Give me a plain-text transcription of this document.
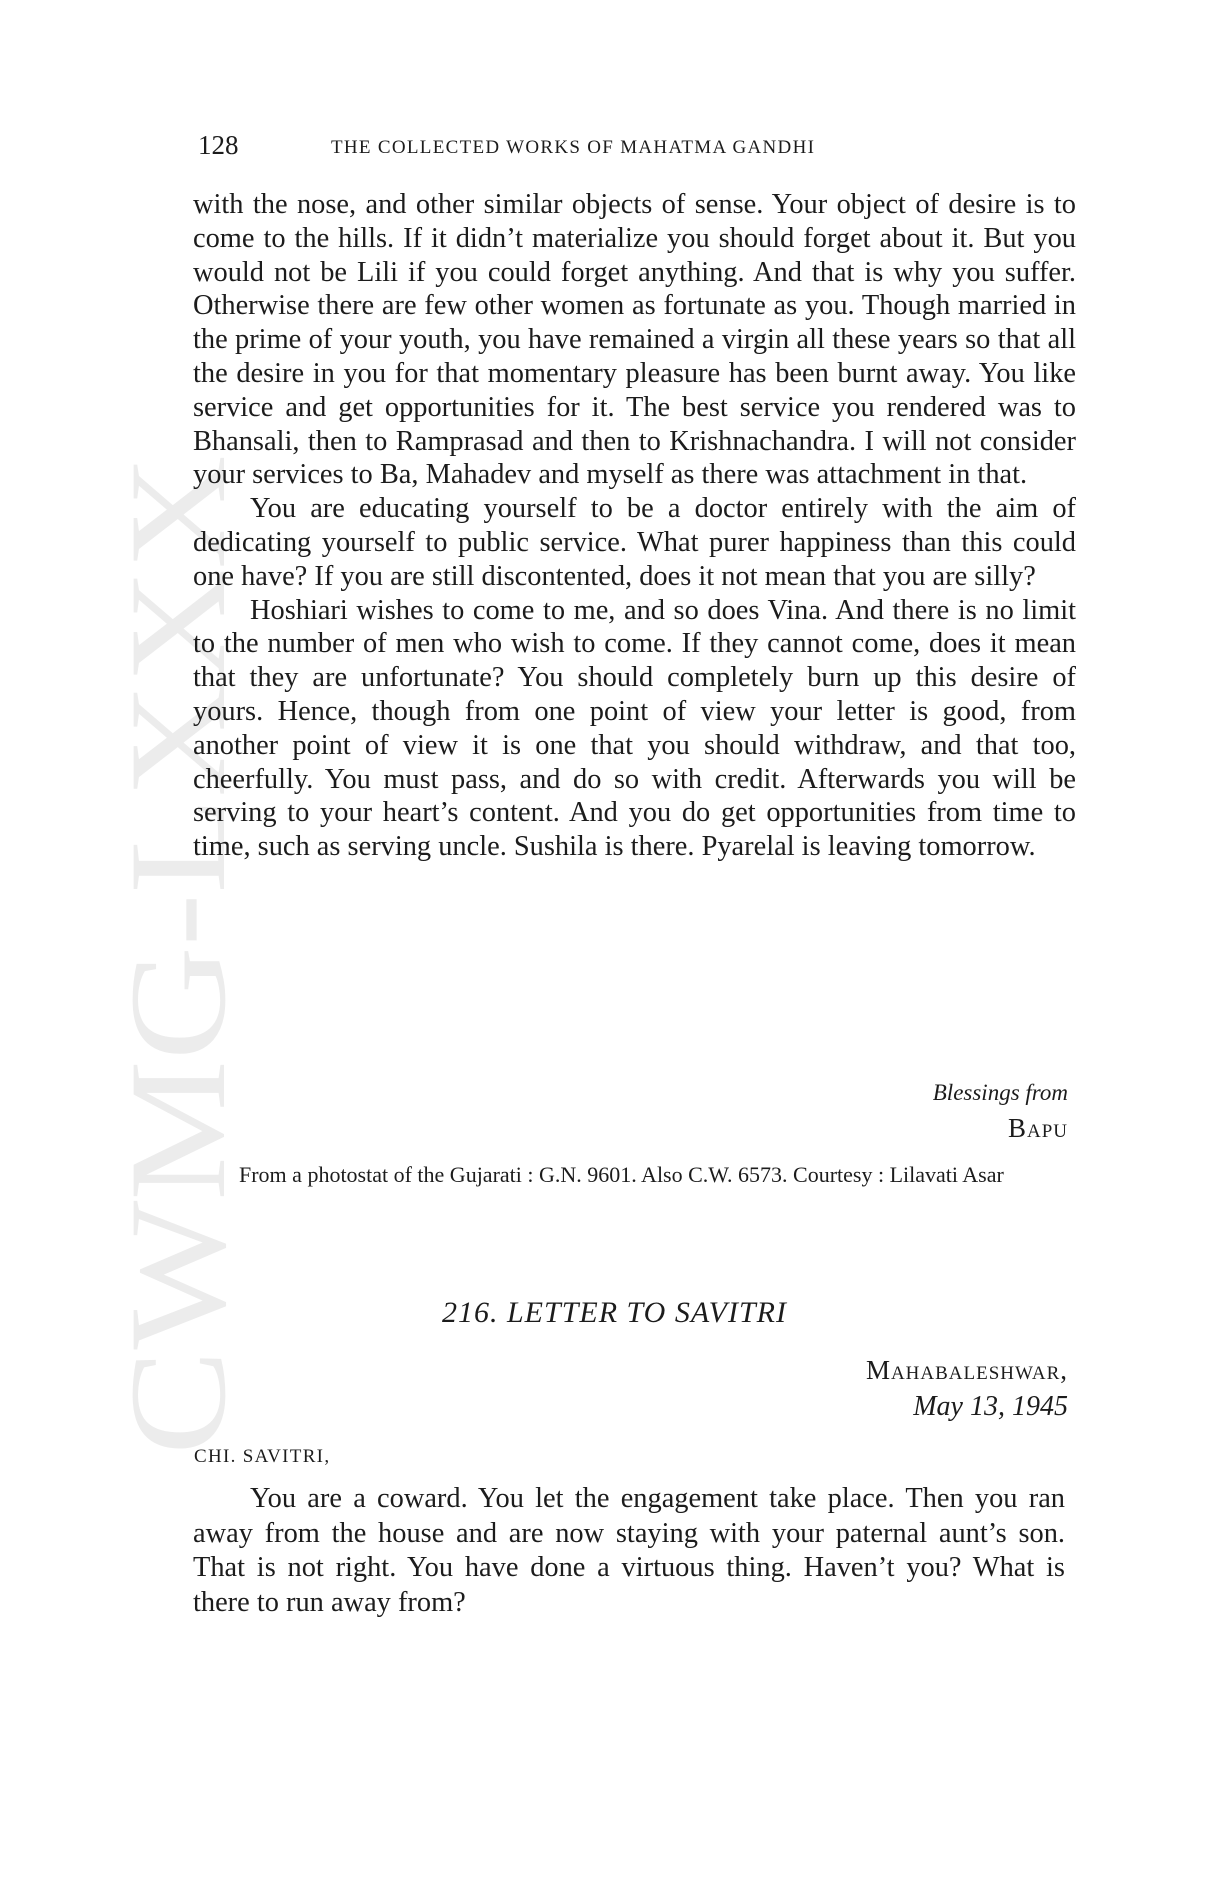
CWMG-LXXX
128	THE COLLECTED WORKS OF MAHATMA GANDHI

with the nose, and other similar objects of sense. Your object of desire is to come to the hills. If it didn’t materialize you should forget about it. But you would not be Lili if you could forget anything. And that is why you suffer. Otherwise there are few other women as fortunate as you. Though married in the prime of your youth, you have remained a virgin all these years so that all the desire in you for that momentary pleasure has been burnt away. You like service and get opportunities for it. The best service you rendered was to Bhansali, then to Ramprasad and then to Krishnachandra. I will not consider your services to Ba, Mahadev and myself as there was attachment in that.

You are educating yourself to be a doctor entirely with the aim of dedicating yourself to public service. What purer happiness than this could one have? If you are still discontented, does it not mean that you are silly?

Hoshiari wishes to come to me, and so does Vina. And there is no limit to the number of men who wish to come. If they cannot come, does it mean that they are unfortunate? You should completely burn up this desire of yours. Hence, though from one point of view your letter is good, from another point of view it is one that you should withdraw, and that too, cheerfully. You must pass, and do so with credit. Afterwards you will be serving to your heart’s content. And you do get opportunities from time to time, such as serving uncle. Sushila is there. Pyarelal is leaving tomorrow.

Blessings from
Bapu

From a photostat of the Gujarati : G.N. 9601. Also C.W. 6573. Courtesy : Lilavati Asar

216. LETTER TO SAVITRI
Mahabaleshwar,
May 13, 1945
CHI. SAVITRI,

You are a coward. You let the engagement take place. Then you ran away from the house and are now staying with your paternal aunt’s son. That is not right. You have done a virtuous thing. Haven’t you? What is there to run away from?
